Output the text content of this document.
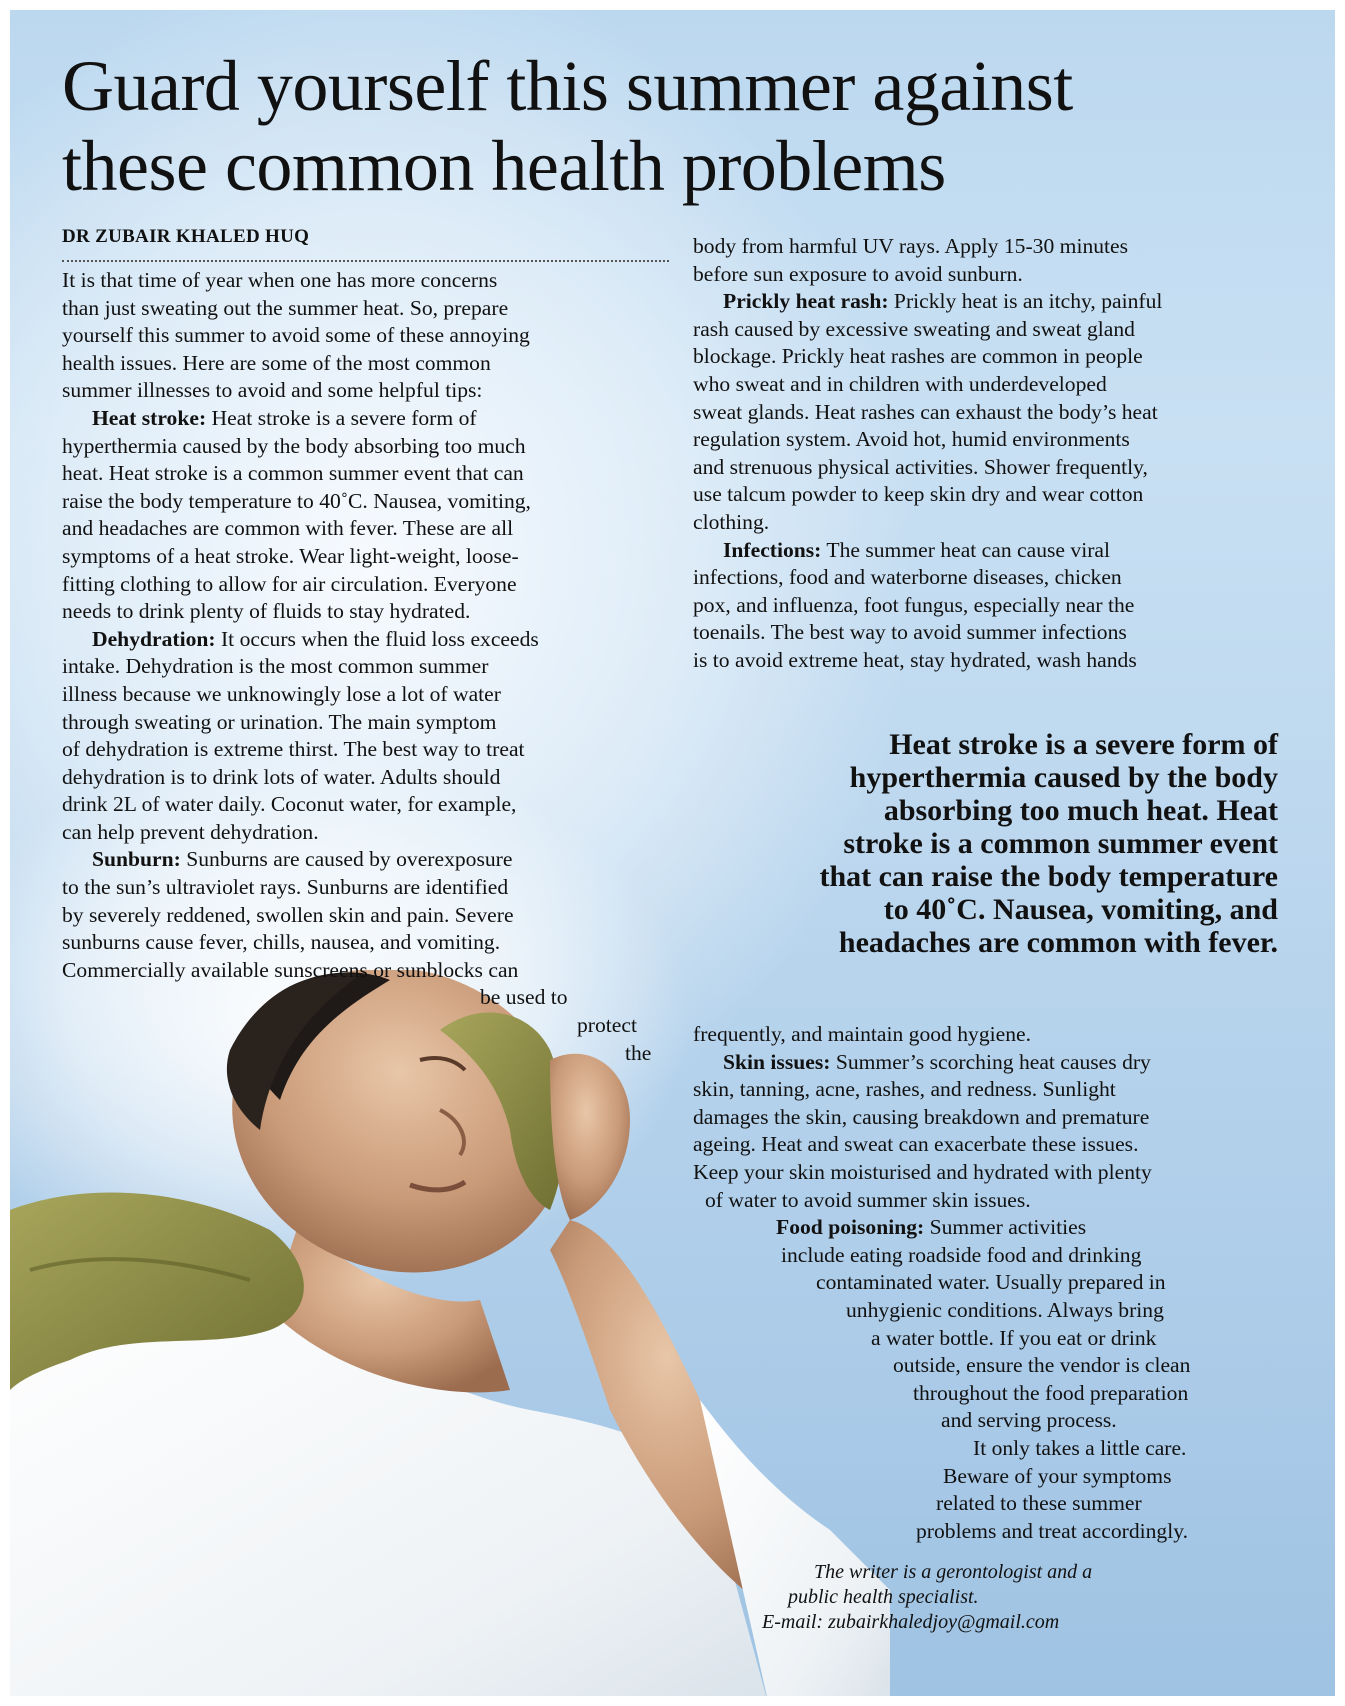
Guard yourself this summer against
these common health problems
DR ZUBAIR KHALED HUQ
It is that time of year when one has more concerns
than just sweating out the summer heat. So, prepare
yourself this summer to avoid some of these annoying
health issues. Here are some of the most common
summer illnesses to avoid and some helpful tips:
Heat stroke: Heat stroke is a severe form of
hyperthermia caused by the body absorbing too much
heat. Heat stroke is a common summer event that can
raise the body temperature to 40˚C. Nausea, vomiting,
and headaches are common with fever. These are all
symptoms of a heat stroke. Wear light-weight, loose-
fitting clothing to allow for air circulation. Everyone
needs to drink plenty of fluids to stay hydrated.
Dehydration: It occurs when the fluid loss exceeds
intake. Dehydration is the most common summer
illness because we unknowingly lose a lot of water
through sweating or urination. The main symptom
of dehydration is extreme thirst. The best way to treat
dehydration is to drink lots of water. Adults should
drink 2L of water daily. Coconut water, for example,
can help prevent dehydration.
Sunburn: Sunburns are caused by overexposure
to the sun’s ultraviolet rays. Sunburns are identified
by severely reddened, swollen skin and pain. Severe
sunburns cause fever, chills, nausea, and vomiting.
Commercially available sunscreens or sunblocks can
be used to
protect
the
body from harmful UV rays. Apply 15-30 minutes
before sun exposure to avoid sunburn.
Prickly heat rash: Prickly heat is an itchy, painful
rash caused by excessive sweating and sweat gland
blockage. Prickly heat rashes are common in people
who sweat and in children with underdeveloped
sweat glands. Heat rashes can exhaust the body’s heat
regulation system. Avoid hot, humid environments
and strenuous physical activities. Shower frequently,
use talcum powder to keep skin dry and wear cotton
clothing.
Infections: The summer heat can cause viral
infections, food and waterborne diseases, chicken
pox, and influenza, foot fungus, especially near the
toenails. The best way to avoid summer infections
is to avoid extreme heat, stay hydrated, wash hands
Heat stroke is a severe form of
hyperthermia caused by the body
absorbing too much heat. Heat
stroke is a common summer event
that can raise the body temperature
to 40˚C. Nausea, vomiting, and
headaches are common with fever.
frequently, and maintain good hygiene.
Skin issues: Summer’s scorching heat causes dry
skin, tanning, acne, rashes, and redness. Sunlight
damages the skin, causing breakdown and premature
ageing. Heat and sweat can exacerbate these issues.
Keep your skin moisturised and hydrated with plenty
of water to avoid summer skin issues.
Food poisoning: Summer activities
include eating roadside food and drinking
contaminated water. Usually prepared in
unhygienic conditions. Always bring
a water bottle. If you eat or drink
outside, ensure the vendor is clean
throughout the food preparation
and serving process.
It only takes a little care.
Beware of your symptoms
related to these summer
problems and treat accordingly.
The writer is a gerontologist and a
public health specialist.
E-mail: zubairkhaledjoy@gmail.com
